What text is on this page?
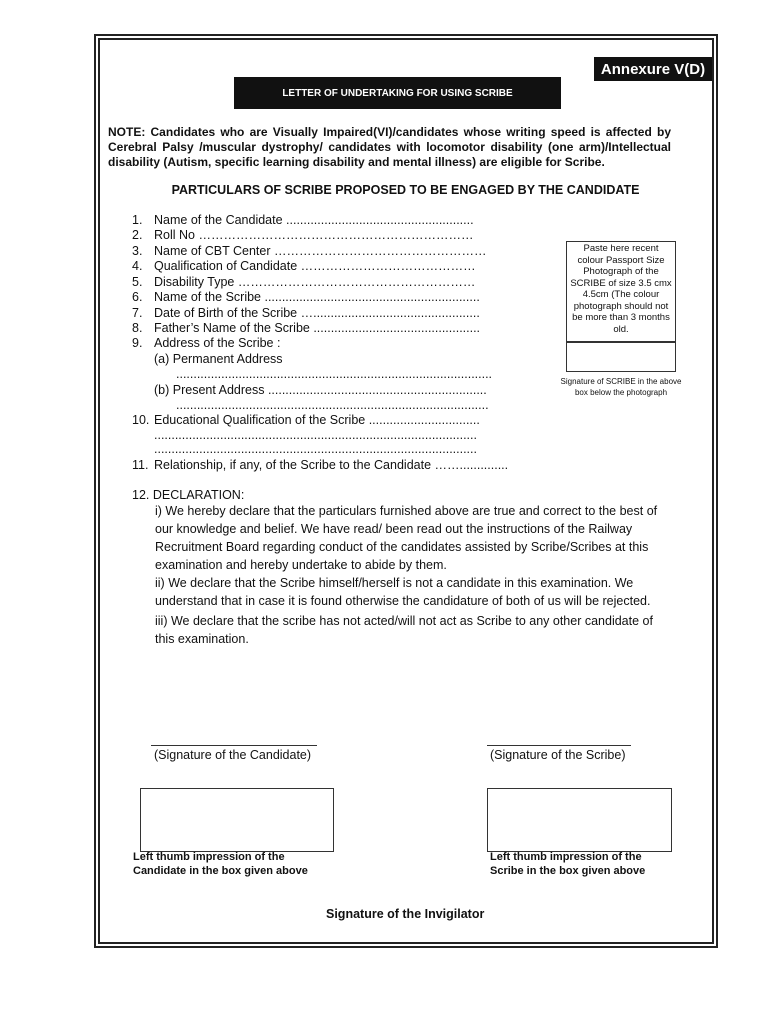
Annexure V(D)
LETTER OF UNDERTAKING FOR USING SCRIBE

NOTE: Candidates who are Visually Impaired(VI)/candidates whose writing speed is affected by Cerebral Palsy /muscular dystrophy/ candidates with locomotor disability (one arm)/Intellectual disability (Autism, specific learning disability and mental illness) are eligible for Scribe.

PARTICULARS OF SCRIBE PROPOSED TO BE ENGAGED BY THE CANDIDATE
1. Name of the Candidate ......................................................
2. Roll No …………………………………………………………
3. Name of CBT Center ……………………………………………
4. Qualification of Candidate ……………………………………
5. Disability Type …………………………………………………
6. Name of the Scribe ..............................................................
7. Date of Birth of the Scribe …................................................
8. Father’s Name of the Scribe ................................................
9. Address of the Scribe :
(a) Permanent Address
...........................................................................................
(b) Present Address ...............................................................
..........................................................................................
10. Educational Qualification of the Scribe ................................
.............................................................................................
.............................................................................................
11. Relationship, if any, of the Scribe to the Candidate ……..............
Paste here recent colour Passport Size Photograph of the SCRIBE of size 3.5 cmx 4.5cm (The colour photograph should not be more than 3 months old.
Signature of SCRIBE in the above box below the photograph
12. DECLARATION:

i) We hereby declare that the particulars furnished above are true and correct to the best of our knowledge and belief. We have read/ been read out the instructions of the Railway Recruitment Board regarding conduct of the candidates assisted by Scribe/Scribes at this examination and hereby undertake to abide by them.

ii) We declare that the Scribe himself/herself is not a candidate in this examination. We understand that in case it is found otherwise the candidature of both of us will be rejected.

iii) We declare that the scribe has not acted/will not act as Scribe to any other candidate of this examination.

(Signature of the Candidate)	(Signature of the Scribe)
Left thumb impression of the
Candidate in the box given above
Left thumb impression of the
Scribe in the box given above
Signature of the Invigilator
